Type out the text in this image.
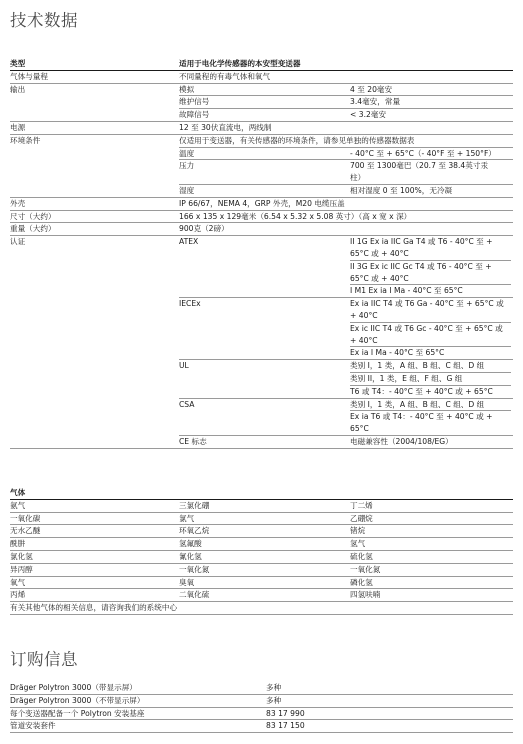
技术数据
类型	适用于电化学传感器的本安型变送器
气体与量程	不同量程的有毒气体和氧气
输出	模拟	4 至 20毫安
维护信号	3.4毫安，常量
故障信号	< 3.2毫安
电源	12 至 30伏直流电，两线制
环境条件	仅适用于变送器，有关传感器的环境条件，请参见单独的传感器数据表
温度	- 40°C 至 + 65°C（- 40°F 至 + 150°F）
压力	700 至 1300毫巴（20.7 至 38.4英寸汞
柱）
湿度	相对湿度 0 至 100%，无冷凝
外壳	IP 66/67，NEMA 4，GRP 外壳，M20 电缆压盖
尺寸（大约）	166 x 135 x 129毫米（6.54 x 5.32 x 5.08 英寸）（高 x 宽 x 深）
重量（大约）	900克（2磅）
认证	ATEX	II 1G Ex ia IIC Ga T4 或 T6 - 40°C 至 +
65°C 或 + 40°C
II 3G Ex ic IIC Gc T4 或 T6 - 40°C 至 +
65°C 或 + 40°C
I M1 Ex ia I Ma - 40°C 至 65°C
IECEx	Ex ia IIC T4 或 T6 Ga - 40°C 至 + 65°C 或
+ 40°C
Ex ic IIC T4 或 T6 Gc - 40°C 至 + 65°C 或
+ 40°C
Ex ia I Ma - 40°C 至 65°C
UL	类别 I，1 类，A 组、B 组、C 组、D 组
类别 II，1 类，E 组、F 组、G 组
T6 或 T4：- 40°C 至 + 40°C 或 + 65°C
CSA	类别 I，1 类，A 组、B 组、C 组、D 组
Ex ia T6 或 T4：- 40°C 至 + 40°C 或 +
65°C
CE 标志	电磁兼容性（2004/108/EG）
气体
氨气	三氯化硼	丁二烯
一氧化碳	氯气	乙硼烷
无水乙醚	环氧乙烷	锗烷
酰肼	氢氟酸	氢气
氯化氢	氰化氢	硫化氢
异丙醇	一氧化氮	一氧化氮
氧气	臭氧	磷化氢
丙烯	二氧化硫	四氢呋喃
有关其他气体的相关信息，请咨询我们的系统中心
订购信息
Dräger Polytron 3000（带显示屏）	多种
Dräger Polytron 3000（不带显示屏）	多种
每个变送器配备一个 Polytron 安装基座	83 17 990
管道安装套件	83 17 150
